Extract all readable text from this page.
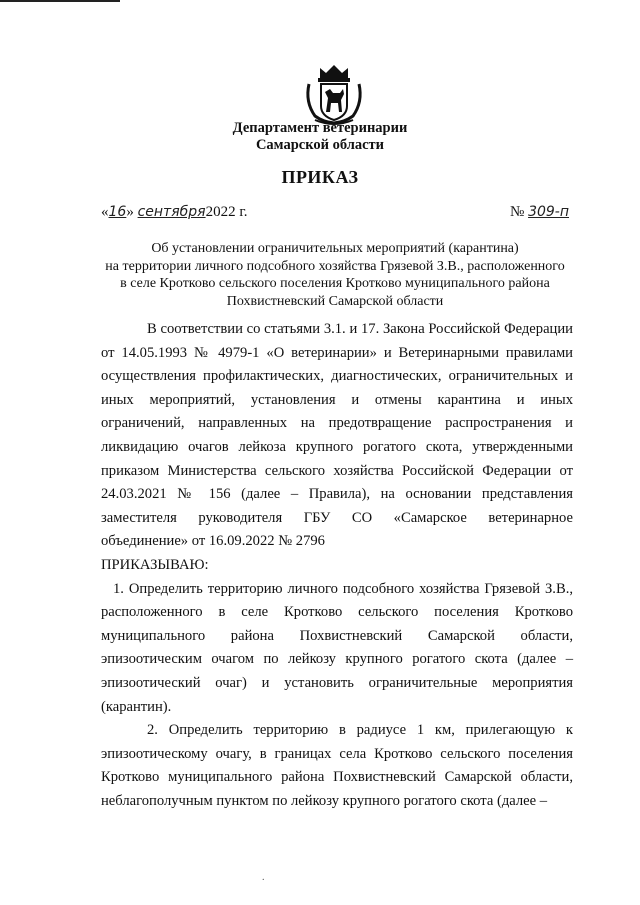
Департамент ветеринарии
Самарской области
ПРИКАЗ
«16» сентября2022 г.	№ 309-п
Об установлении ограничительных мероприятий (карантина)
на территории личного подсобного хозяйства Грязевой З.В., расположенного
в селе Кротково сельского поселения Кротково муниципального района
Похвистневский Самарской области

В соответствии со статьями 3.1. и 17. Закона Российской Федерации от 14.05.1993 № 4979-1 «О ветеринарии» и Ветеринарными правилами осуществления профилактических, диагностических, ограничительных и иных мероприятий, установления и отмены карантина и иных ограничений, направленных на предотвращение распространения и ликвидацию очагов лейкоза крупного рогатого скота, утвержденными приказом Министерства сельского хозяйства Российской Федерации от 24.03.2021 № 156 (далее – Правила), на основании представления заместителя руководителя ГБУ СО «Самарское ветеринарное объединение» от 16.09.2022 № 2796

ПРИКАЗЫВАЮ:

1. Определить территорию личного подсобного хозяйства Грязевой З.В., расположенного в селе Кротково сельского поселения Кротково муниципального района Похвистневский Самарской области, эпизоотическим очагом по лейкозу крупного рогатого скота (далее – эпизоотический очаг) и установить ограничительные мероприятия (карантин).

2. Определить территорию в радиусе 1 км, прилегающую к эпизоотическому очагу, в границах села Кротково сельского поселения Кротково муниципального района Похвистневский Самарской области, неблагополучным пунктом по лейкозу крупного рогатого скота (далее –

.
